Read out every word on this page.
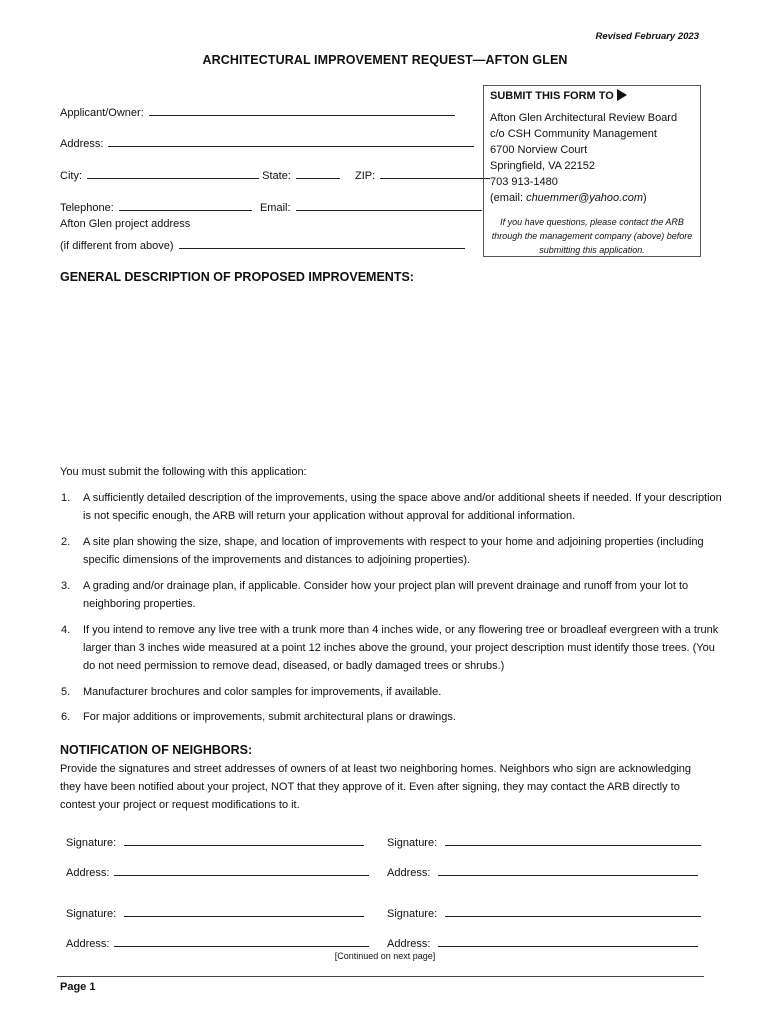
Revised February 2023
ARCHITECTURAL IMPROVEMENT REQUEST—AFTON GLEN
Applicant/Owner:
Address:
City:	State:	ZIP:
Telephone:	Email:
Afton Glen project address
(if different from above)
SUBMIT THIS FORM TO
Afton Glen Architectural Review Board
c/o CSH Community Management
6700 Norview Court
Springfield, VA 22152
703 913-1480
(email: chuemmer@yahoo.com)
If you have questions, please contact the ARB through the management company (above) before submitting this application.
GENERAL DESCRIPTION OF PROPOSED IMPROVEMENTS:
You must submit the following with this application:
1. A sufficiently detailed description of the improvements, using the space above and/or additional sheets if needed. If your description is not specific enough, the ARB will return your application without approval for additional information.
2. A site plan showing the size, shape, and location of improvements with respect to your home and adjoining properties (including specific dimensions of the improvements and distances to adjoining properties).
3. A grading and/or drainage plan, if applicable. Consider how your project plan will prevent drainage and runoff from your lot to neighboring properties.
4. If you intend to remove any live tree with a trunk more than 4 inches wide, or any flowering tree or broadleaf evergreen with a trunk larger than 3 inches wide measured at a point 12 inches above the ground, your project description must identify those trees. (You do not need permission to remove dead, diseased, or badly damaged trees or shrubs.)
5. Manufacturer brochures and color samples for improvements, if available.
6. For major additions or improvements, submit architectural plans or drawings.
NOTIFICATION OF NEIGHBORS:
Provide the signatures and street addresses of owners of at least two neighboring homes. Neighbors who sign are acknowledging they have been notified about your project, NOT that they approve of it. Even after signing, they may contact the ARB directly to contest your project or request modifications to it.
Signature:	Signature:
Address:	Address:
Signature:	Signature:
Address:	Address:
[Continued on next page]
Page 1
